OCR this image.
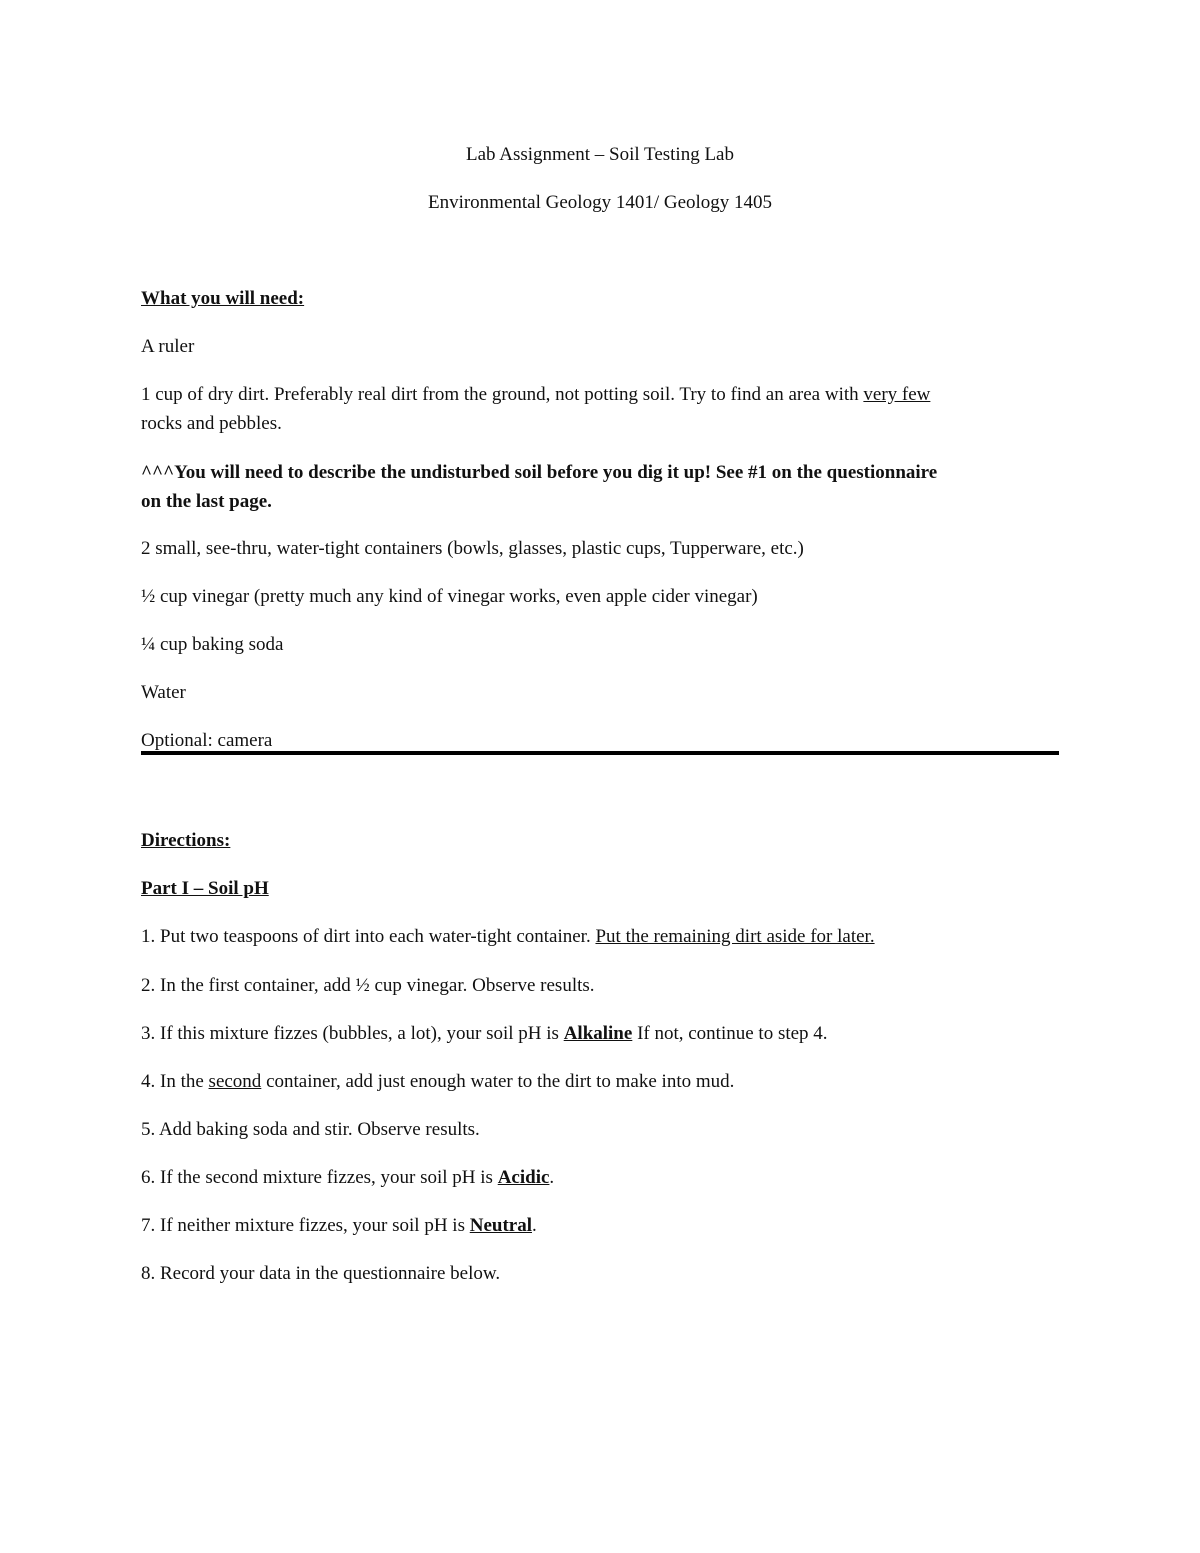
Lab Assignment – Soil Testing Lab
Environmental Geology 1401/ Geology 1405
What you will need:
A ruler
1 cup of dry dirt. Preferably real dirt from the ground, not potting soil. Try to find an area with very few
rocks and pebbles.
^^^You will need to describe the undisturbed soil before you dig it up! See #1 on the questionnaire
on the last page.
2 small, see-thru, water-tight containers (bowls, glasses, plastic cups, Tupperware, etc.)
½ cup vinegar (pretty much any kind of vinegar works, even apple cider vinegar)
¼ cup baking soda
Water
Optional: camera
Directions:
Part I – Soil pH
1. Put two teaspoons of dirt into each water-tight container. Put the remaining dirt aside for later.
2. In the first container, add ½ cup vinegar. Observe results.
3. If this mixture fizzes (bubbles, a lot), your soil pH is Alkaline If not, continue to step 4.
4. In the second container, add just enough water to the dirt to make into mud.
5. Add baking soda and stir. Observe results.
6. If the second mixture fizzes, your soil pH is Acidic.
7. If neither mixture fizzes, your soil pH is Neutral.
8. Record your data in the questionnaire below.
